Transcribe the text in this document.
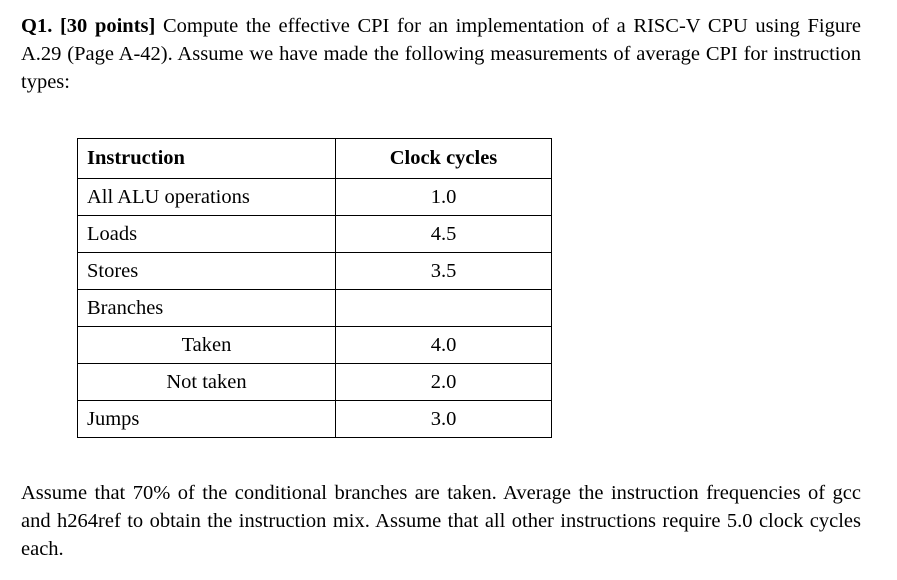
Q1. [30 points] Compute the effective CPI for an implementation of a RISC-V CPU using Figure A.29 (Page A-42). Assume we have made the following measurements of average CPI for instruction types:
Instruction	Clock cycles
All ALU operations	1.0
Loads	4.5
Stores	3.5
Branches	
Taken	4.0
Not taken	2.0
Jumps	3.0
Assume that 70% of the conditional branches are taken. Average the instruction frequencies of gcc and h264ref to obtain the instruction mix. Assume that all other instructions require 5.0 clock cycles each.
